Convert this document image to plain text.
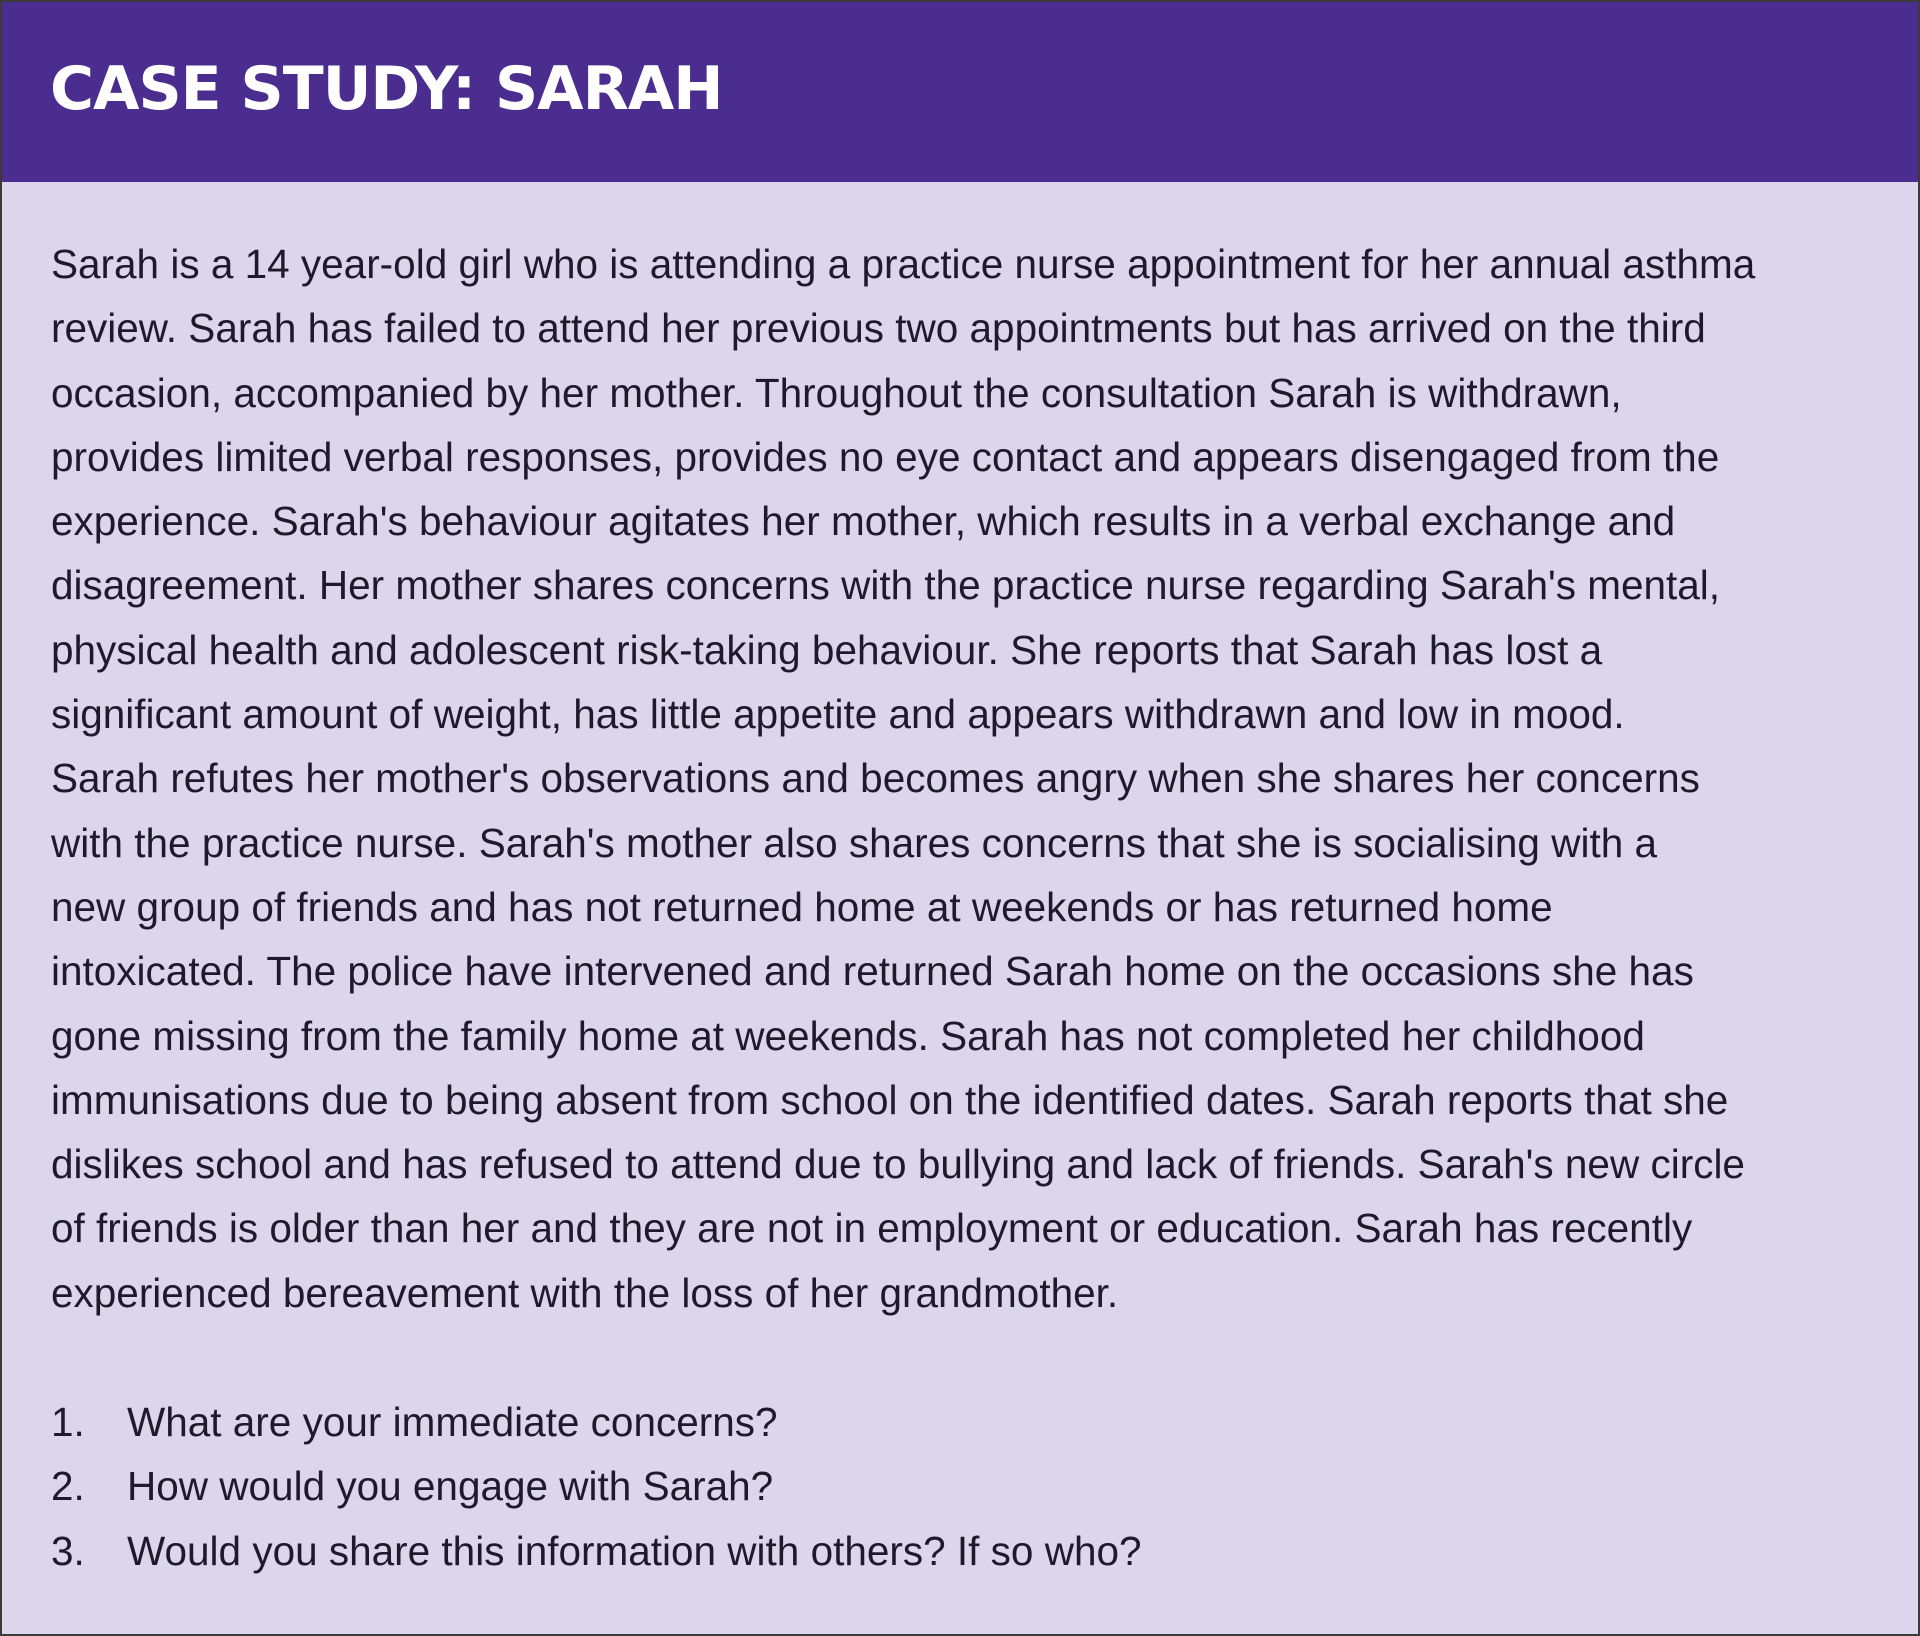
CASE STUDY: SARAH

Sarah is a 14 year-old girl who is attending a practice nurse appointment for her annual asthma
review. Sarah has failed to attend her previous two appointments but has arrived on the third
occasion, accompanied by her mother. Throughout the consultation Sarah is withdrawn,
provides limited verbal responses, provides no eye contact and appears disengaged from the
experience. Sarah's behaviour agitates her mother, which results in a verbal exchange and
disagreement. Her mother shares concerns with the practice nurse regarding Sarah's mental,
physical health and adolescent risk-taking behaviour. She reports that Sarah has lost a
significant amount of weight, has little appetite and appears withdrawn and low in mood.
Sarah refutes her mother's observations and becomes angry when she shares her concerns
with the practice nurse. Sarah's mother also shares concerns that she is socialising with a
new group of friends and has not returned home at weekends or has returned home
intoxicated. The police have intervened and returned Sarah home on the occasions she has
gone missing from the family home at weekends. Sarah has not completed her childhood
immunisations due to being absent from school on the identified dates. Sarah reports that she
dislikes school and has refused to attend due to bullying and lack of friends. Sarah's new circle
of friends is older than her and they are not in employment or education. Sarah has recently
experienced bereavement with the loss of her grandmother.

1.	What are your immediate concerns?
2.	How would you engage with Sarah?
3.	Would you share this information with others? If so who?
